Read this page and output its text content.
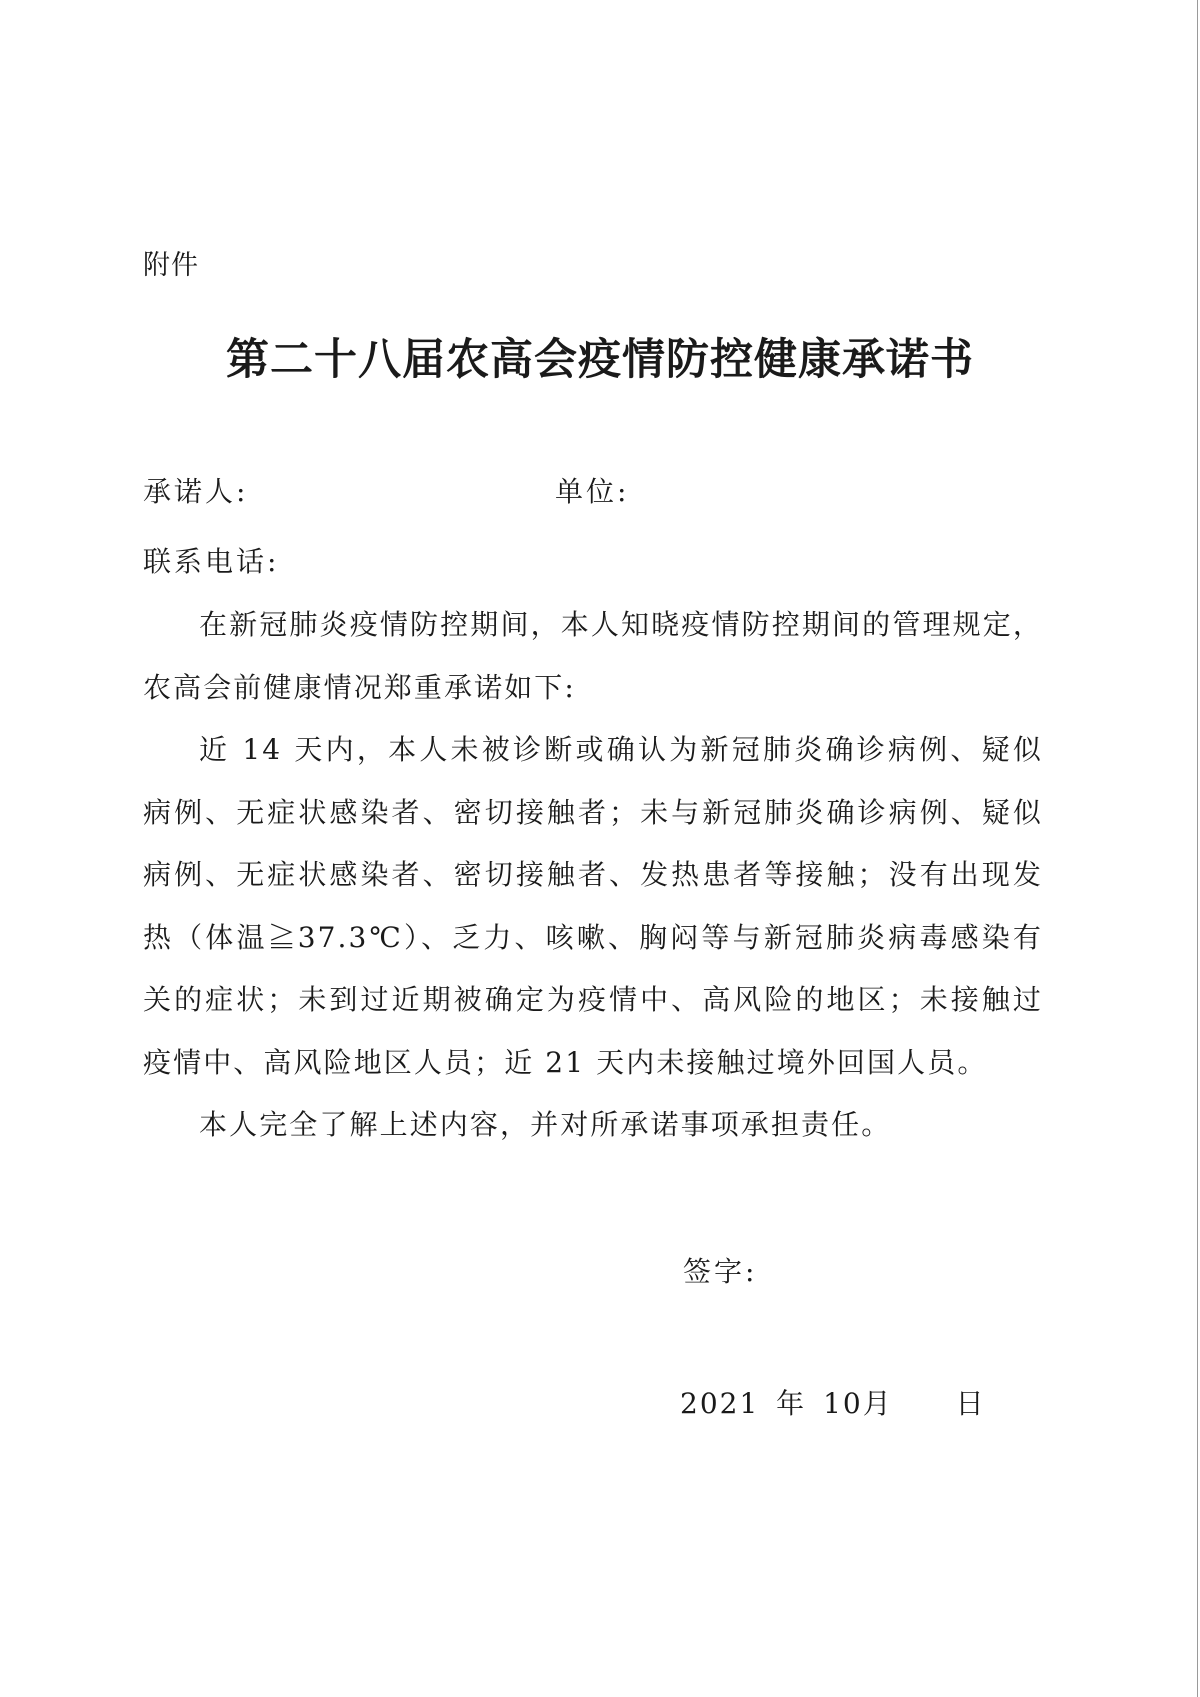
附件
第二十八届农高会疫情防控健康承诺书
承诺人:	单位:
联系电话:

在新冠肺炎疫情防控期间，本人知晓疫情防控期间的管理规定，农高会前健康情况郑重承诺如下:

近 14 天内，本人未被诊断或确认为新冠肺炎确诊病例、疑似病例、无症状感染者、密切接触者；未与新冠肺炎确诊病例、疑似病例、无症状感染者、密切接触者、发热患者等接触；没有出现发热（体温≧37.3℃）、乏力、咳嗽、胸闷等与新冠肺炎病毒感染有关的症状；未到过近期被确定为疫情中、高风险的地区；未接触过疫情中、高风险地区人员；近 21 天内未接触过境外回国人员。

本人完全了解上述内容，并对所承诺事项承担责任。

签字:
2021 年 10月 日
